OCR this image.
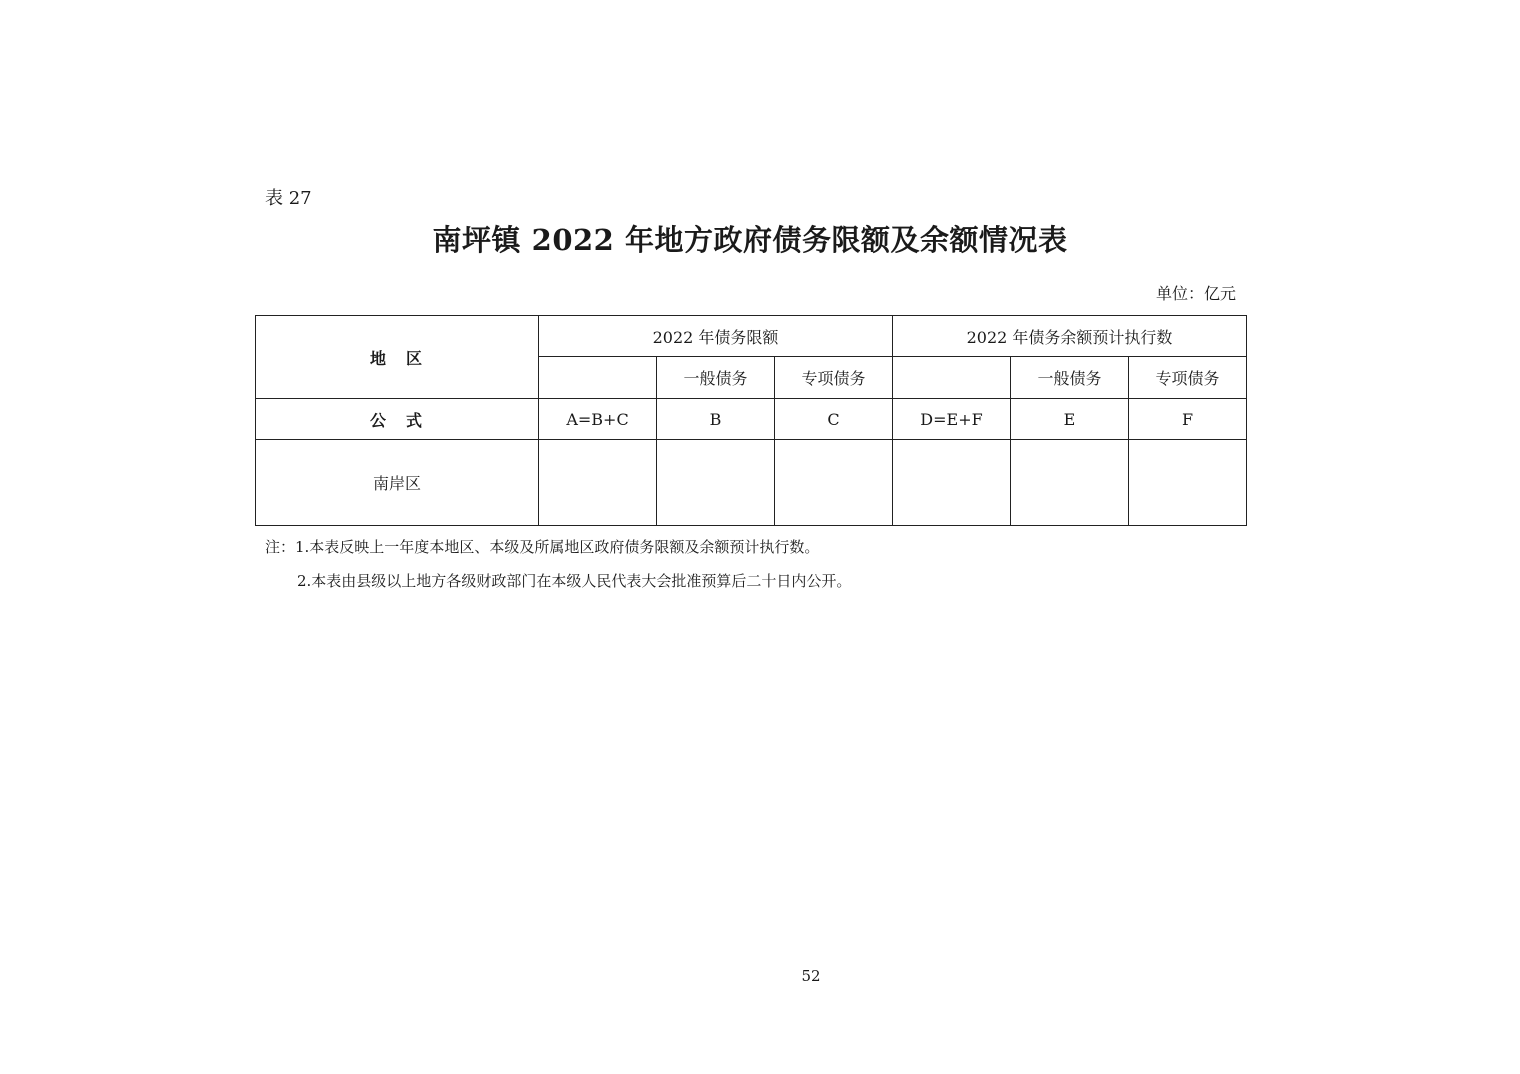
表 27
南坪镇 2022 年地方政府债务限额及余额情况表
单位：亿元
地　区	2022 年债务限额			2022 年债务余额预计执行数		
		一般债务	专项债务		一般债务	专项债务
公　式	A=B+C	B	C	D=E+F	E	F
南岸区						
注：1.本表反映上一年度本地区、本级及所属地区政府债务限额及余额预计执行数。
2.本表由县级以上地方各级财政部门在本级人民代表大会批准预算后二十日内公开。
52
